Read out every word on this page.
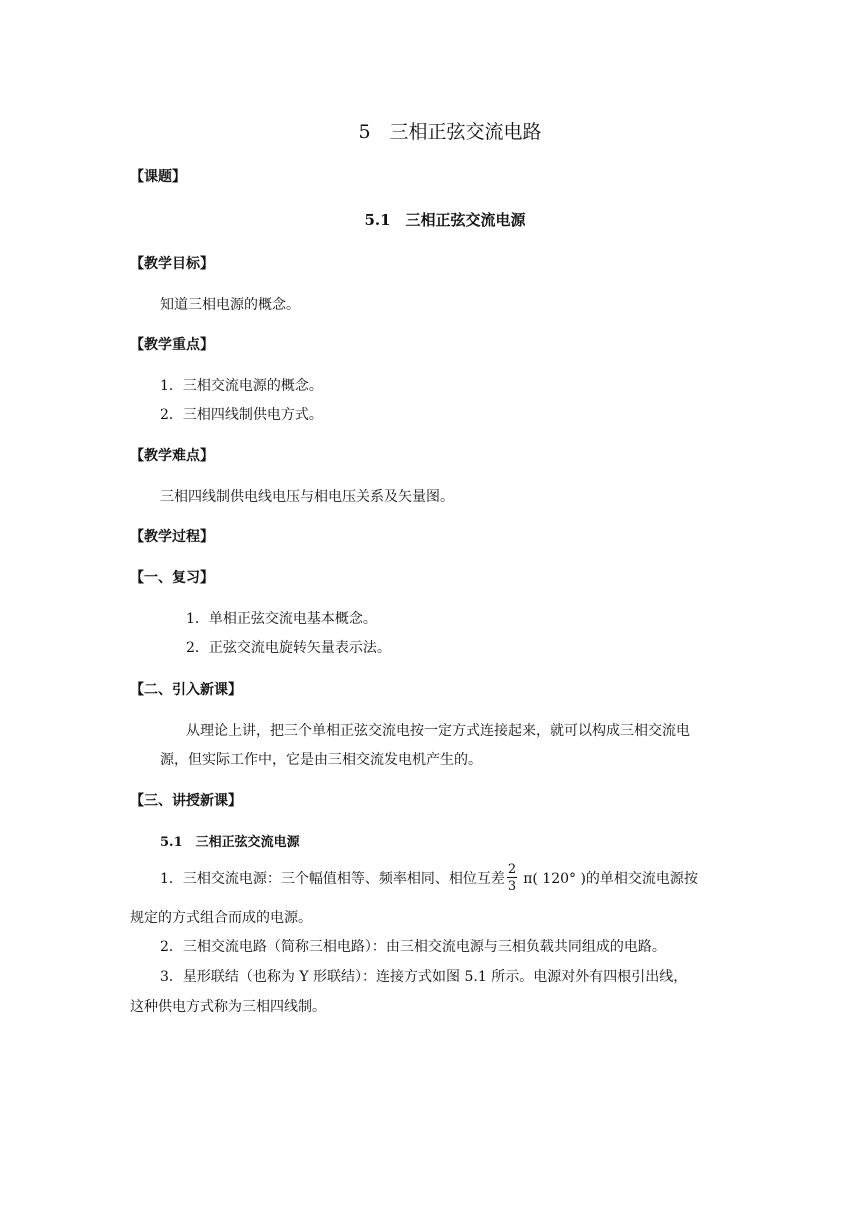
5　三相正弦交流电路
【课题】
5.1　三相正弦交流电源
【教学目标】
知道三相电源的概念。
【教学重点】
1．三相交流电源的概念。
2．三相四线制供电方式。
【教学难点】
三相四线制供电线电压与相电压关系及矢量图。
【教学过程】
【一、复习】
1．单相正弦交流电基本概念。
2．正弦交流电旋转矢量表示法。
【二、引入新课】
从理论上讲，把三个单相正弦交流电按一定方式连接起来，就可以构成三相交流电
源，但实际工作中，它是由三相交流发电机产生的。
【三、讲授新课】
5.1　三相正弦交流电源
1．三相交流电源：三个幅值相等、频率相同、相位互差 $\frac{2}{3} \pi$( 120° )的单相交流电源按
规定的方式组合而成的电源。
2．三相交流电路（简称三相电路）：由三相交流电源与三相负载共同组成的电路。
3．星形联结（也称为 Y 形联结）：连接方式如图 5.1 所示。电源对外有四根引出线，
这种供电方式称为三相四线制。
